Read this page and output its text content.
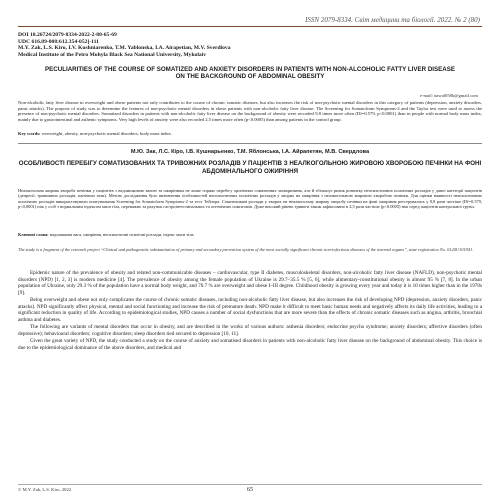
ISSN 2079-8334. Світ медицини та біології. 2022. № 2 (80)
DOI 10.26724/2079-8334-2022-2-80-65-69
UDC 616.89-008:612.354-052]-111
M.Y. Zak, L.S. Kiro, I.V. Kushniarenko, T.M. Yablonska, I.A. Airapetian, M.V. Sverdlova
Medical Institute of the Petro Mohyla Black Sea National University, Mykolaiv
PECULIARITIES OF THE COURSE OF SOMATIZED AND ANXIETY DISORDERS IN PATIENTS WITH NON-ALCOHOLIC FATTY LIVER DISEASE ON THE BACKGROUND OF ABDOMINAL OBESITY
e-mail: nawal058b@gmail.com
Non-alcoholic fatty liver disease in overweight and obese patients not only contributes to the course of chronic somatic diseases, but also increases the risk of non-psychotic mental disorders in this category of patients (depression, anxiety disorders, panic attacks). The purpose of study was to determine the features of non-psychotic mental disorders in obese patients with non-alcoholic fatty liver disease. The Screening for Somatoform Symptoms-2 and the Taylor test were used to assess the presence of non-psychotic mental disorders. Somatized disorders in patients with non-alcoholic fatty liver disease on the background of obesity were recorded 9.8 times more often (Df=0.579, p<0.0001) than in people with normal body mass index, mainly due to gastrointestinal and asthenic symptoms. Very high levels of anxiety were also recorded 2.5 times more often (p<0.0005) than among patients in the control group.
Key words: overweight, obesity, non-psychotic mental disorders, body mass index.
М.Ю. Зак, Л.С. Кіро, І.В. Кушнарьенко, Т.М. Яблонська, І.А. Айрапетян, М.В. Свердлова
ОСОБЛИВОСТІ ПЕРЕБІГУ СОМАТИЗОВАНИХ ТА ТРИВОЖНИХ РОЗЛАДІВ У ПАЦІЄНТІВ З НЕАЛКОГОЛЬНОЮ ЖИРОВОЮ ХВОРОБОЮ ПЕЧІНКИ НА ФОНІ АБДОМІНАЛЬНОГО ОЖИРІННЯ
Неалкогольна жирова хвороба печінки у пацієнтів з надлишковою вагою та ожирінням не лише сприяє перебігу хронічних соматичних захворювань, але й збільшує ризик розвитку непсихотичних психічних розладів у даної категорії пацієнтів (депресії, тривожних розладів, панічних атак). Метою дослідження було визначення особливостей непсихотичних психічних розладів у хворих на ожиріння з неалкогольною жировою хворобою печінки. Для оцінки наявності непсихотичних психічних розладів використовували опитувальник Screening for Somatoform Symptoms-2 та тест Тейлора. Соматизовані розлади у хворих на неалкогольну жирову хворобу печінки на фоні ожиріння реєструвались у 9,8 рази частіше (Df=0,579, p<0,0001) ніж у осіб з нормальним індексом маси тіла, переважно за рахунок гастроінтестинальних та астенічних симптомів. Дуже високий рівень тривоги також зафіксовано в 2,5 рази частіше (p<0,0005) ніж серед пацієнтів контрольної групи.
Ключові слова: надлишкова вага, ожиріння, непсихотичні психічні розлади, індекс маси тіла.
The study is a fragment of the research project “Clinical and pathogenetic substantiation of primary and secondary prevention system of the most socially significant chronic non-infectious diseases of the internal organs”, state registration No. 0120U101941.

Epidemic nature of the prevalence of obesity and related non-communicable diseases – cardiovascular, type II diabetes, musculoskeletal disorders, non-alcoholic fatty liver disease (NAFLD), non-psychotic mental disorders (NPD) [1, 2, 3] is modern medicine [4]. The prevalence of obesity among the female population of Ukraine is 29.7–35.5 % [5, 6], while alimentary-constitutional obesity is almost 95 % [7, 8]. In the urban population of Ukraine, only 29.3 % of the population have a normal body weight, and 70.7 % are overweight and obese I–III degree. Childhood obesity is growing every year and today it is 10 times higher than in the 1970s [9].

Being overweight and obese not only complicates the course of chronic somatic diseases, including non-alcoholic fatty liver disease, but also increases the risk of developing NPD (depression, anxiety disorders, panic attacks). NPD significantly affect physical, mental and social functioning and increase the risk of premature death. NPD make it difficult to meet basic human needs and negatively affects its daily life activities, leading to a significant reduction in quality of life. According to epidemiological studies, NPD causes a number of social dysfunctions that are more severe than the effects of chronic somatic diseases such as angina, arthritis, bronchial asthma and diabetes.

The following are variants of mental disorders that occur in obesity, and are described in the works of various authors: asthenia disorders; endocrine psycho syndrome; anxiety disorders; affective disorders (often depressive); behavioural disorders; cognitive disorders; sleep disorders tied secured to depression [10, 11].

Given the great variety of NPD, the study conducted a study on the course of anxiety and somatised disorders in patients with non-alcoholic fatty liver disease on the background of abdominal obesity. This choice is due to the epidemiological dominance of the above disorders, and medical and

© M.Y. Zak, L.S. Kiro, 2022	65
